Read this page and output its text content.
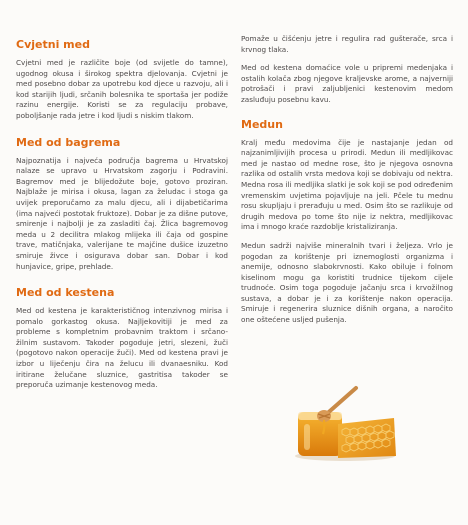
Cvjetni med

Cvjetni med je različite boje (od svijetle do tamne), ugodnog okusa i širokog spektra djelovanja. Cvjetni je med posebno dobar za upotrebu kod djece u razvoju, ali i kod starijih ljudi, srčanih bolesnika te sportaša jer podiže razinu energije. Koristi se za regulaciju probave, poboljšanje rada jetre i kod ljudi s niskim tlakom.

Med od bagrema

Najpoznatija i najveća područja bagrema u Hrvatskoj nalaze se upravo u Hrvatskom zagorju i Podravini. Bagremov med je blijedožute boje, gotovo proziran. Najblaže je mirisa i okusa, lagan za želudac i stoga ga uvijek preporučamo za malu djecu, ali i dijabetičarima (ima najveći postotak fruktoze). Dobar je za dišne putove, smirenje i najbolji je za zasladiti čaj. Žlica bagremovog meda u 2 decilitra mlakog mlijeka ili čaja od gospine trave, matičnjaka, valerijane te majčine dušice izuzetno smiruje živce i osigurava dobar san. Dobar i kod hunjavice, gripe, prehlade.

Med od kestena

Med od kestena je karakterističnog intenzivnog mirisa i pomalo gorkastog okusa. Najljekovitiji je med za probleme s kompletnim probavnim traktom i srčano-žilnim sustavom. Takoder pogoduje jetri, slezeni, žuči (pogotovo nakon operacije žuči). Med od kestena pravi je izbor u liječenju čira na želucu ili dvanaesniku. Kod iritirane želučane sluznice, gastritisa takoder se preporuča uzimanje kestenovog meda.

Pomaže u čišćenju jetre i regulira rad gušterače, srca i krvnog tlaka.

Med od kestena domaćice vole u pripremi medenjaka i ostalih kolača zbog njegove kraljevske arome, a najverniji potrošači i pravi zaljubljenici kestenovim medom zasluđuju posebnu kavu.

Medun

Kralj među medovima čije je nastajanje jedan od najzanimljivijih procesa u prirodi. Medun ili medljikovac med je nastao od medne rose, što je njegova osnovna razlika od ostalih vrsta medova koji se dobivaju od nektra. Medna rosa ili medljika slatki je sok koji se pod određenim vremenskim uvjetima pojavljuje na jeli. Pčele tu mednu rosu skupljaju i prerađuju u med. Osim što se razlikuje od drugih medova po tome što nije iz nektra, medljikovac ima i mnogo kraće razdoblje kristaliziranja.

Medun sadrži najviše mineralnih tvari i željeza. Vrlo je pogodan za korištenje pri iznemoglosti organizma i anemije, odnosno slabokrvnosti. Kako obiluje i folnom kiselinom mogu ga koristiti trudnice tijekom cijele trudnoće. Osim toga pogoduje jačanju srca i krvožilnog sustava, a dobar je i za korištenje nakon operacija. Smiruje i regenerira sluznice dišnih organa, a naročito one oštećene usljed pušenja.
